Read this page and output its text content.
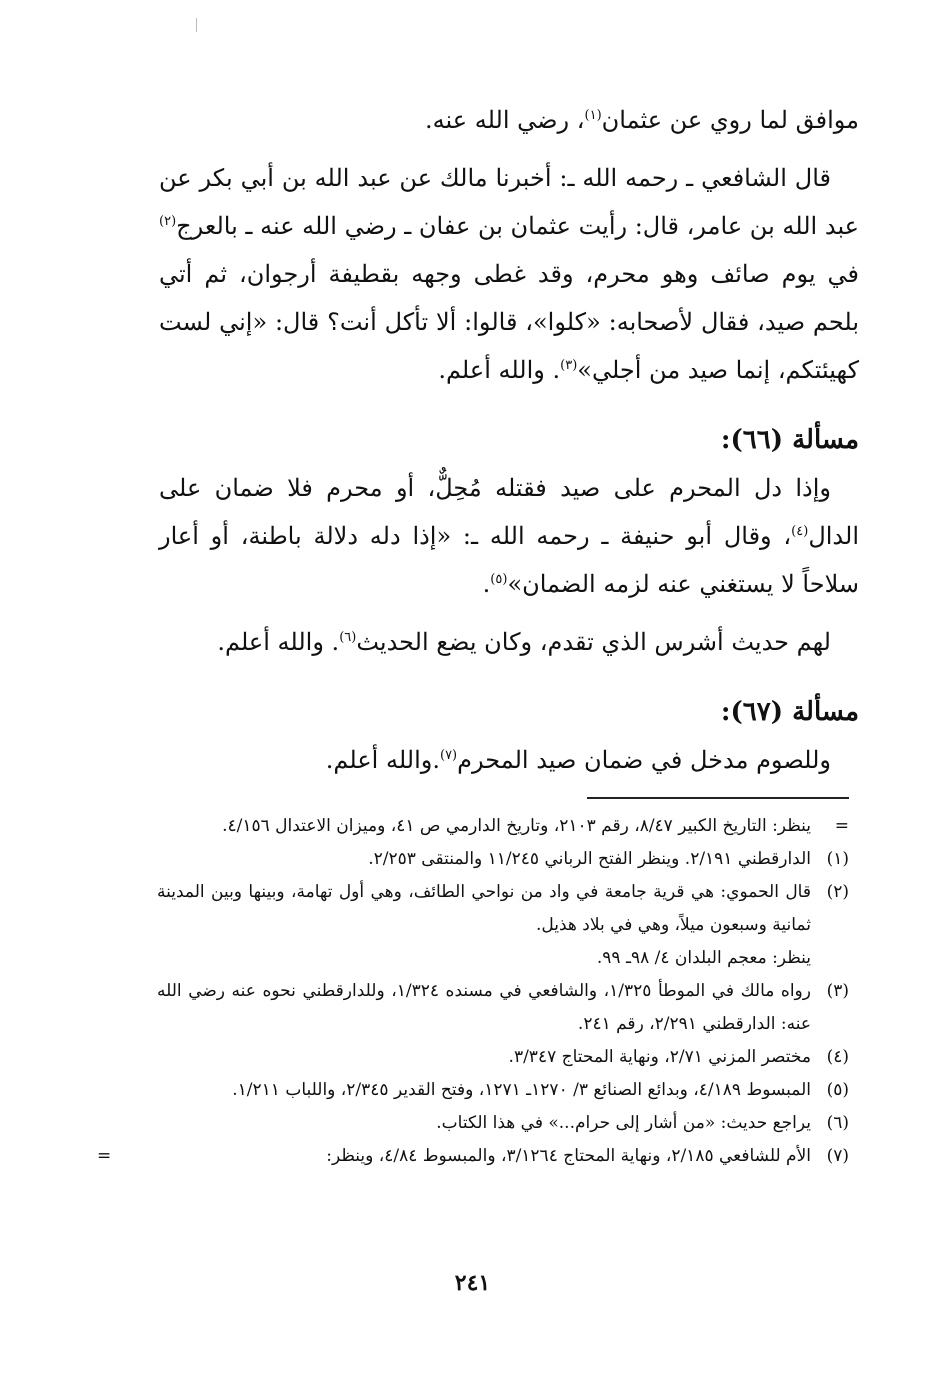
موافق لما روي عن عثمان$^{(١)}$، رضي الله عنه.

قال الشافعي ـ رحمه الله ـ: أخبرنا مالك عن عبد الله بن أبي بكر عن عبد الله بن عامر، قال: رأيت عثمان بن عفان ـ رضي الله عنه ـ بالعرج$^{(٢)}$ في يوم صائف وهو محرم، وقد غطى وجهه بقطيفة أرجوان، ثم أتي بلحم صيد، فقال لأصحابه: «كلوا»، قالوا: ألا تأكل أنت؟ قال: «إني لست كهيئتكم، إنما صيد من أجلي»$^{(٣)}$. والله أعلم.

مسألة (٦٦):

وإذا دل المحرم على صيد فقتله مُحِلٌّ، أو محرم فلا ضمان على الدال$^{(٤)}$، وقال أبو حنيفة ـ رحمه الله ـ: «إذا دله دلالة باطنة، أو أعار سلاحاً لا يستغني عنه لزمه الضمان»$^{(٥)}$.

لهم حديث أشرس الذي تقدم، وكان يضع الحديث$^{(٦)}$. والله أعلم.

مسألة (٦٧):

وللصوم مدخل في ضمان صيد المحرم$^{(٧)}$.والله أعلم.

=
ينظر: التاريخ الكبير ٨/٤٧، رقم ٢١٠٣، وتاريخ الدارمي ص ٤١، وميزان الاعتدال ٤/١٥٦.
(١)
الدارقطني ٢/١٩١. وينظر الفتح الرباني ١١/٢٤٥ والمنتقى ٢/٢٥٣.
(٢)
قال الحموي: هي قرية جامعة في واد من نواحي الطائف، وهي أول تهامة، وبينها وبين المدينة ثمانية وسبعون ميلاً، وهي في بلاد هذيل.
ينظر: معجم البلدان ٤/ ٩٨ـ ٩٩.
(٣)
رواه مالك في الموطأ ١/٣٢٥، والشافعي في مسنده ١/٣٢٤، وللدارقطني نحوه عنه رضي الله عنه: الدارقطني ٢/٢٩١، رقم ٢٤١.
(٤)
مختصر المزني ٢/٧١، ونهاية المحتاج ٣/٣٤٧.
(٥)
المبسوط ٤/١٨٩، وبدائع الصنائع ٣/ ١٢٧٠ـ ١٢٧١، وفتح القدير ٢/٣٤٥، واللباب ١/٢١١.
(٦)
يراجع حديث: «من أشار إلى حرام...» في هذا الكتاب.
(٧)
الأم للشافعي ٢/١٨٥، ونهاية المحتاج ٣/١٢٦٤، والمبسوط ٤/٨٤، وينظر:
=
٢٤١
